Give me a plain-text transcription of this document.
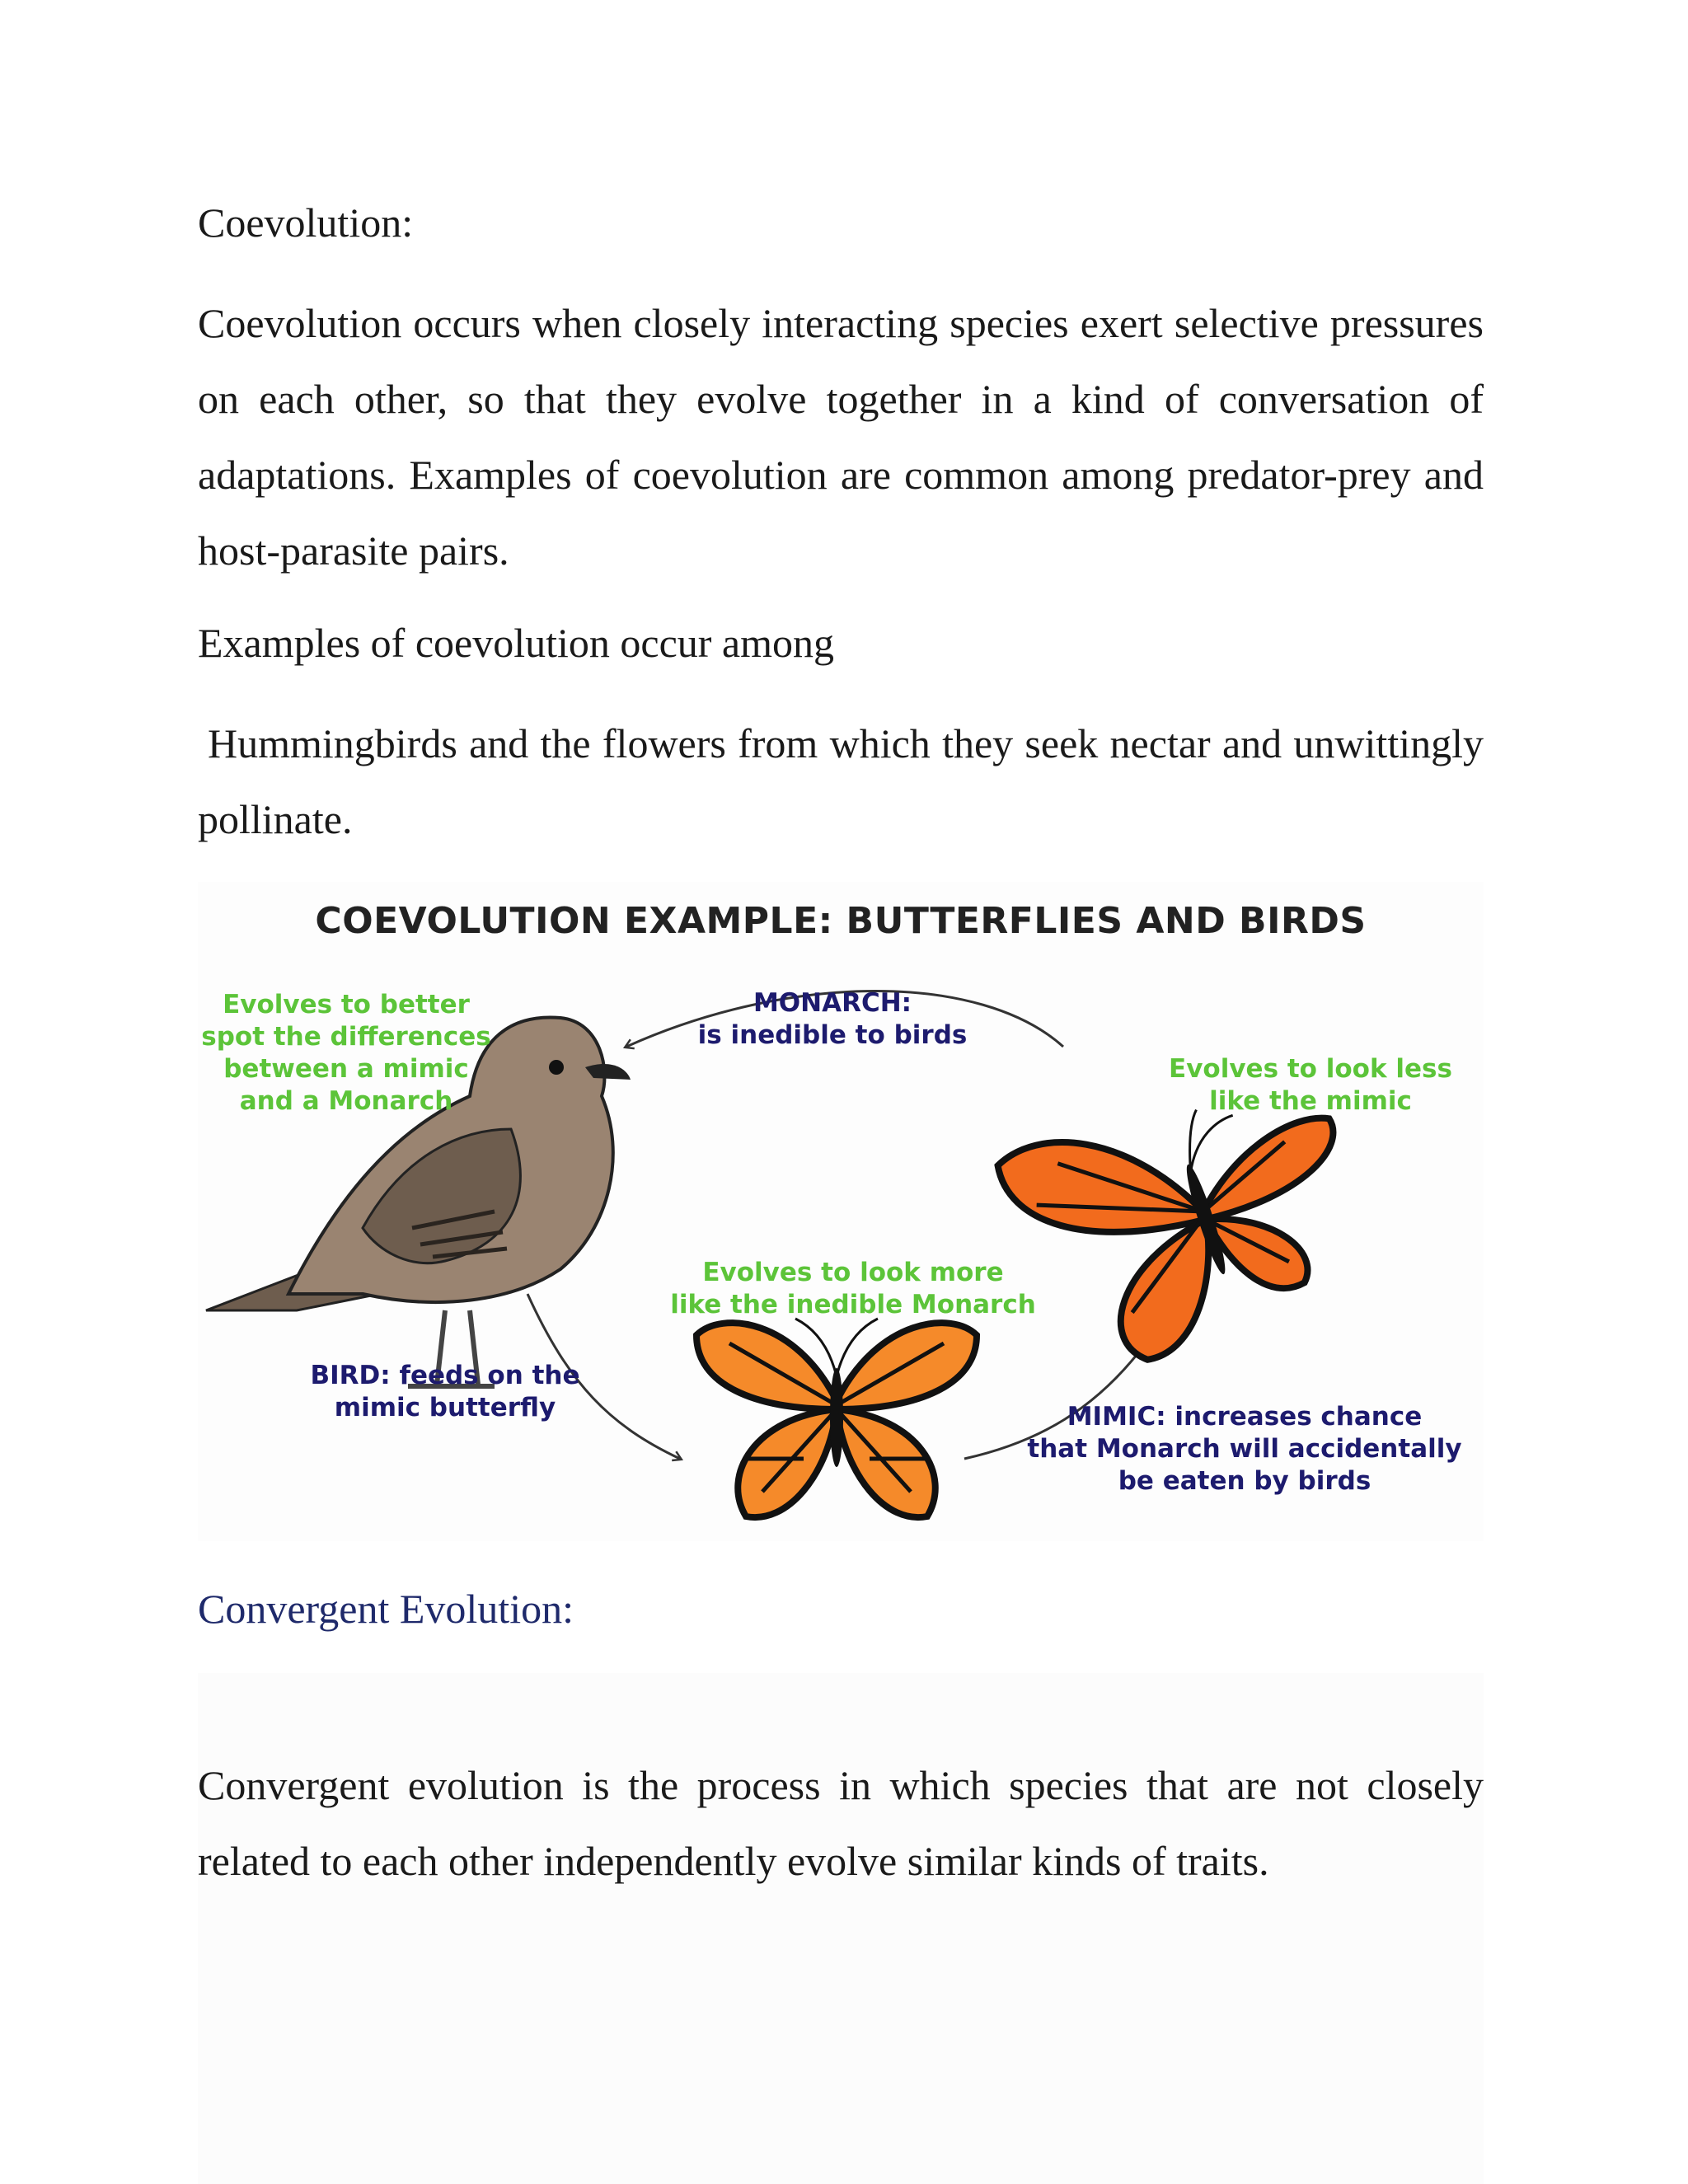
Coevolution:

Coevolution occurs when closely interacting species exert selective pressures on each other, so that they evolve together in a kind of conversation of adaptations. Examples of coevolution are common among predator-prey and host-parasite pairs.

Examples of coevolution occur among

Hummingbirds and the flowers from which they seek nectar and unwittingly pollinate.

COEVOLUTION EXAMPLE: BUTTERFLIES AND BIRDS
Evolves to better
spot the differences
between a mimic
and a Monarch
MONARCH:
is inedible to birds
Evolves to look less
like the mimic
Evolves to look more
like the inedible Monarch
BIRD: feeds on the
mimic butterfly	MIMIC: increases chance
that Monarch will accidentally
be eaten by birds
Convergent Evolution:

Convergent evolution is the process in which species that are not closely related to each other independently evolve similar kinds of traits.
